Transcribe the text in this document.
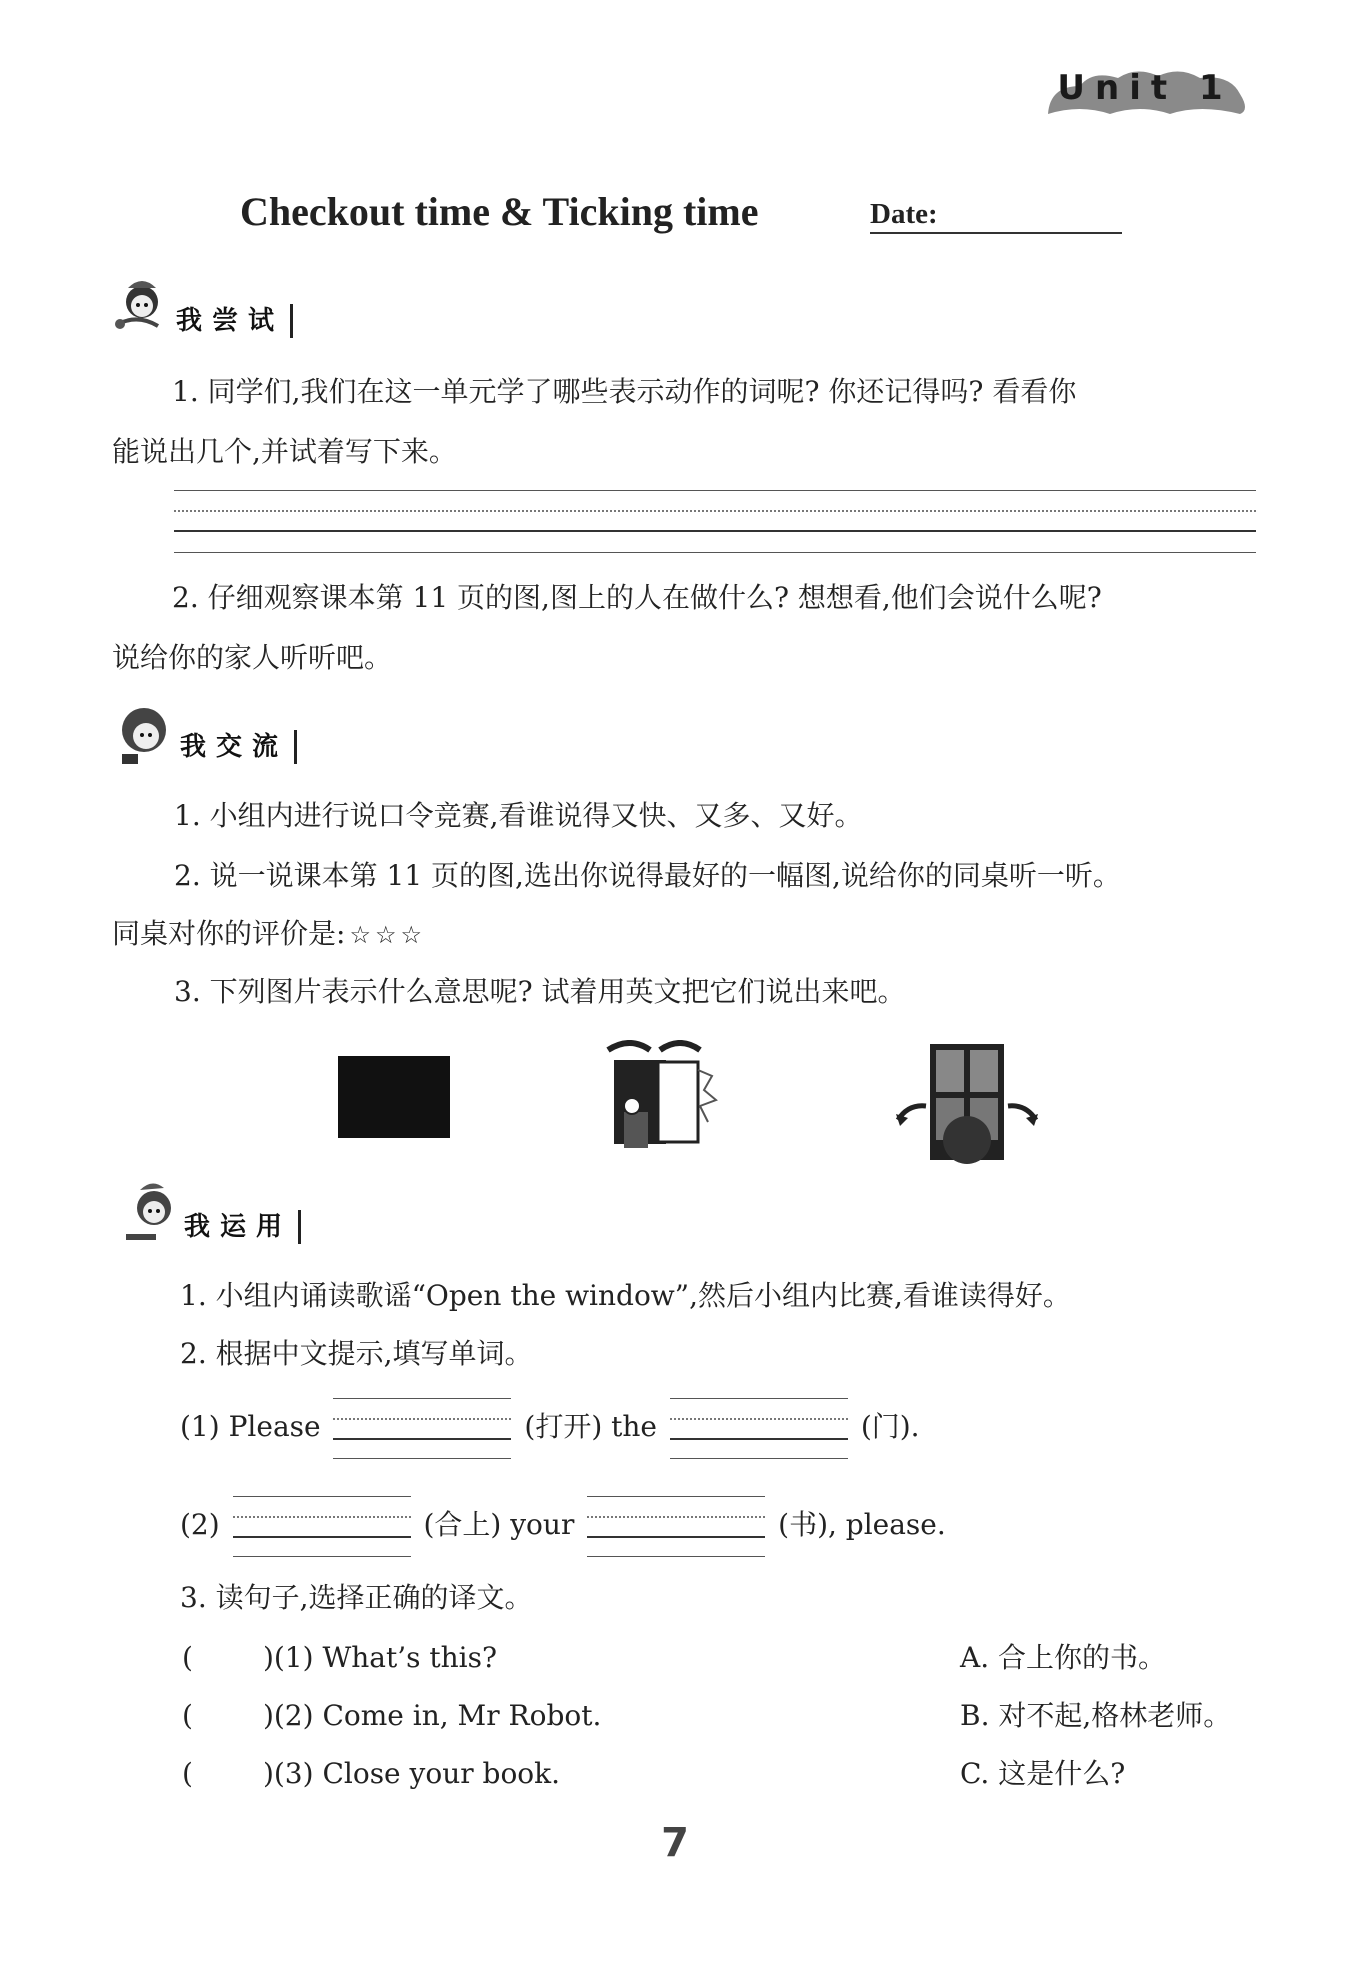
Unit 1
Checkout time & Ticking time	Date:
我尝试
1. 同学们,我们在这一单元学了哪些表示动作的词呢? 你还记得吗? 看看你
能说出几个,并试着写下来。
2. 仔细观察课本第 11 页的图,图上的人在做什么? 想想看,他们会说什么呢?
说给你的家人听听吧。
我交流
1. 小组内进行说口令竞赛,看谁说得又快、又多、又好。
2. 说一说课本第 11 页的图,选出你说得最好的一幅图,说给你的同桌听一听。
同桌对你的评价是: ☆ ☆ ☆
3. 下列图片表示什么意思呢? 试着用英文把它们说出来吧。
我运用
1. 小组内诵读歌谣“Open the window”,然后小组内比赛,看谁读得好。
2. 根据中文提示,填写单词。
(1) Please	(打开) the	(门).
(2)	(合上) your	(书), please.
3. 读句子,选择正确的译文。
(	)(1) What’s this?	A. 合上你的书。
(	)(2) Come in, Mr Robot.	B. 对不起,格林老师。
(	)(3) Close your book.	C. 这是什么?
7
